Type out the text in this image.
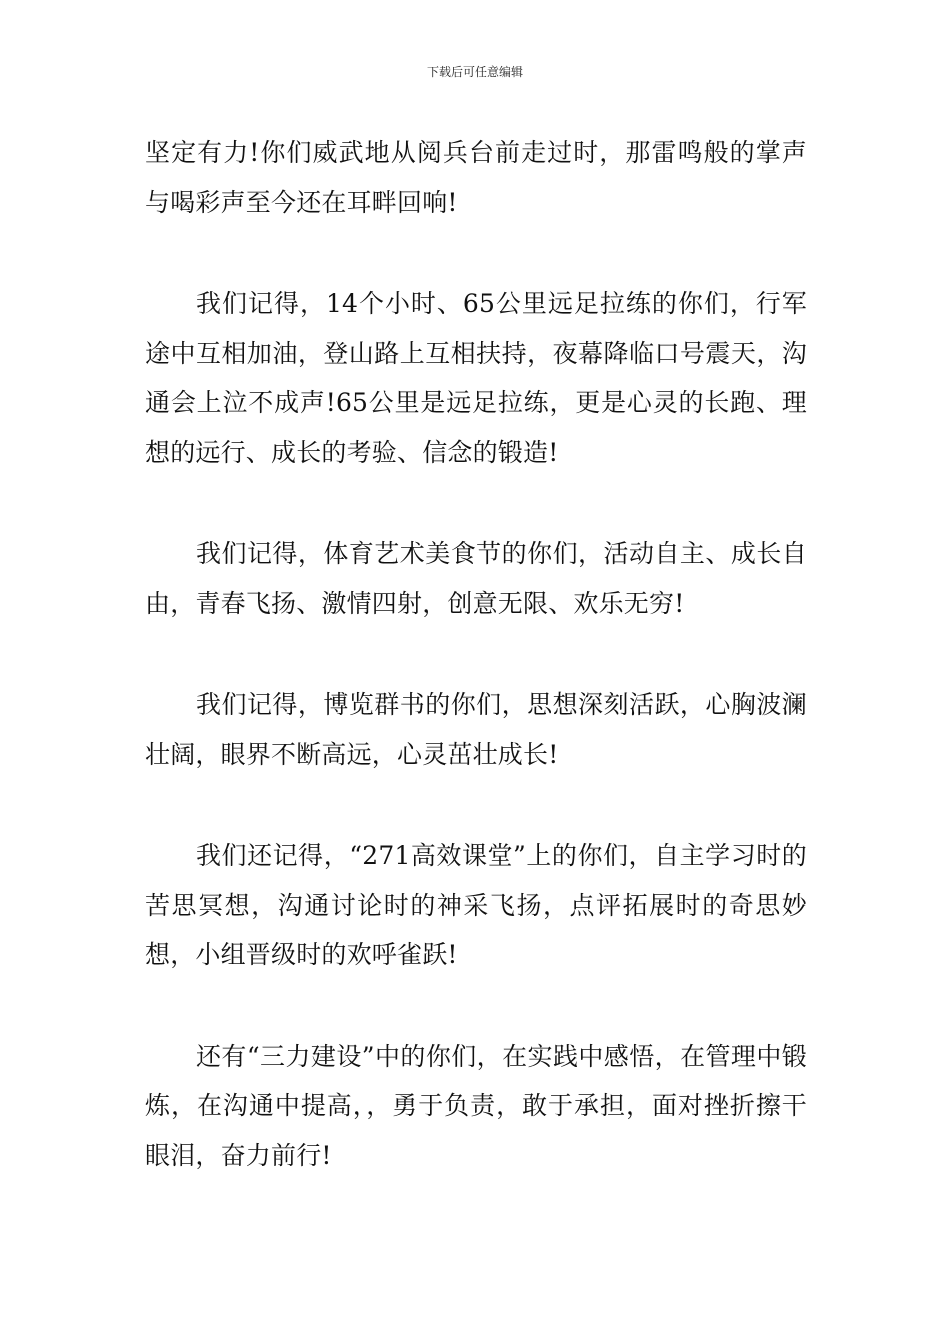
下载后可任意编辑

坚定有力!你们威武地从阅兵台前走过时，那雷鸣般的掌声与喝彩声至今还在耳畔回响!

我们记得，14个小时、65公里远足拉练的你们，行军途中互相加油，登山路上互相扶持，夜幕降临口号震天，沟通会上泣不成声!65公里是远足拉练，更是心灵的长跑、理想的远行、成长的考验、信念的锻造!

我们记得，体育艺术美食节的你们，活动自主、成长自由，青春飞扬、激情四射，创意无限、欢乐无穷!

我们记得，博览群书的你们，思想深刻活跃，心胸波澜壮阔，眼界不断高远，心灵茁壮成长!

我们还记得，“271高效课堂”上的你们，自主学习时的苦思冥想，沟通讨论时的神采飞扬，点评拓展时的奇思妙想，小组晋级时的欢呼雀跃!

还有“三力建设”中的你们，在实践中感悟，在管理中锻炼，在沟通中提高，，勇于负责，敢于承担，面对挫折擦干眼泪，奋力前行!
